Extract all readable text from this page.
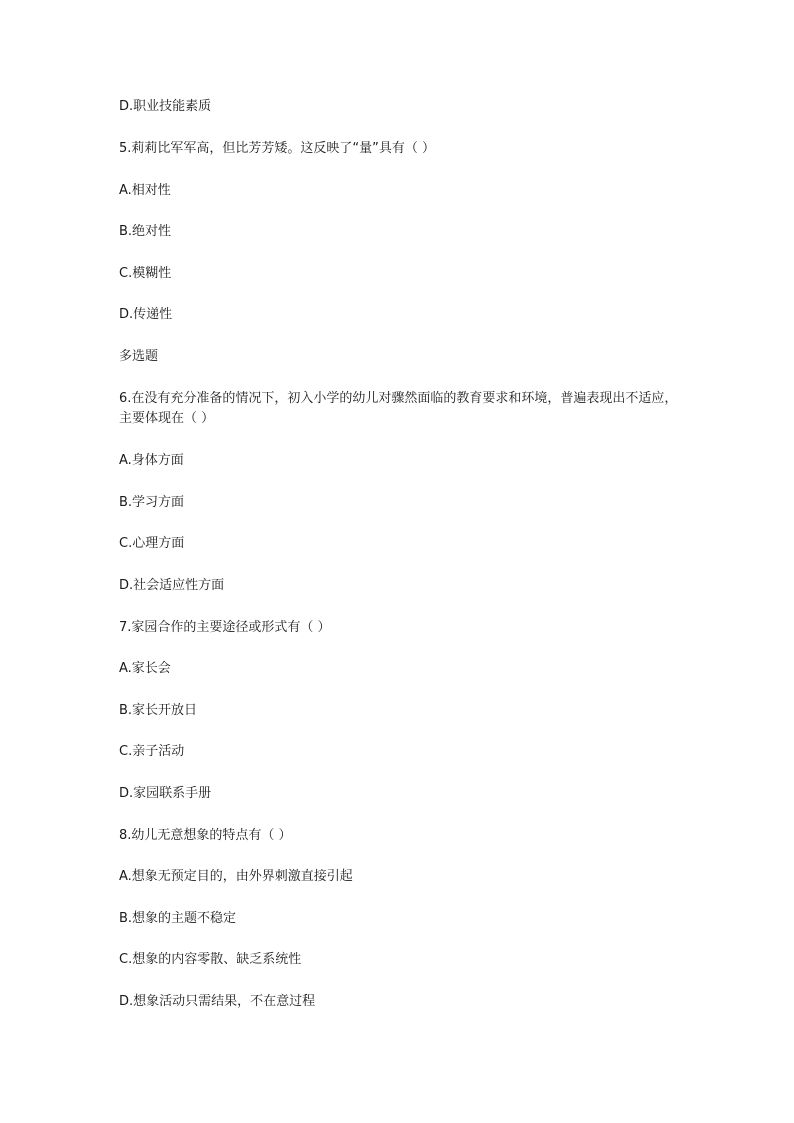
D.职业技能素质
5.莉莉比军军高，但比芳芳矮。这反映了“量”具有（ ）
A.相对性
B.绝对性
C.模糊性
D.传递性
多选题
6.在没有充分准备的情况下，初入小学的幼儿对骤然面临的教育要求和环境，普遍表现出不适应，主要体现在（ ）
A.身体方面
B.学习方面
C.心理方面
D.社会适应性方面
7.家园合作的主要途径或形式有（ ）
A.家长会
B.家长开放日
C.亲子活动
D.家园联系手册
8.幼儿无意想象的特点有（ ）
A.想象无预定目的，由外界刺激直接引起
B.想象的主题不稳定
C.想象的内容零散、缺乏系统性
D.想象活动只需结果，不在意过程
